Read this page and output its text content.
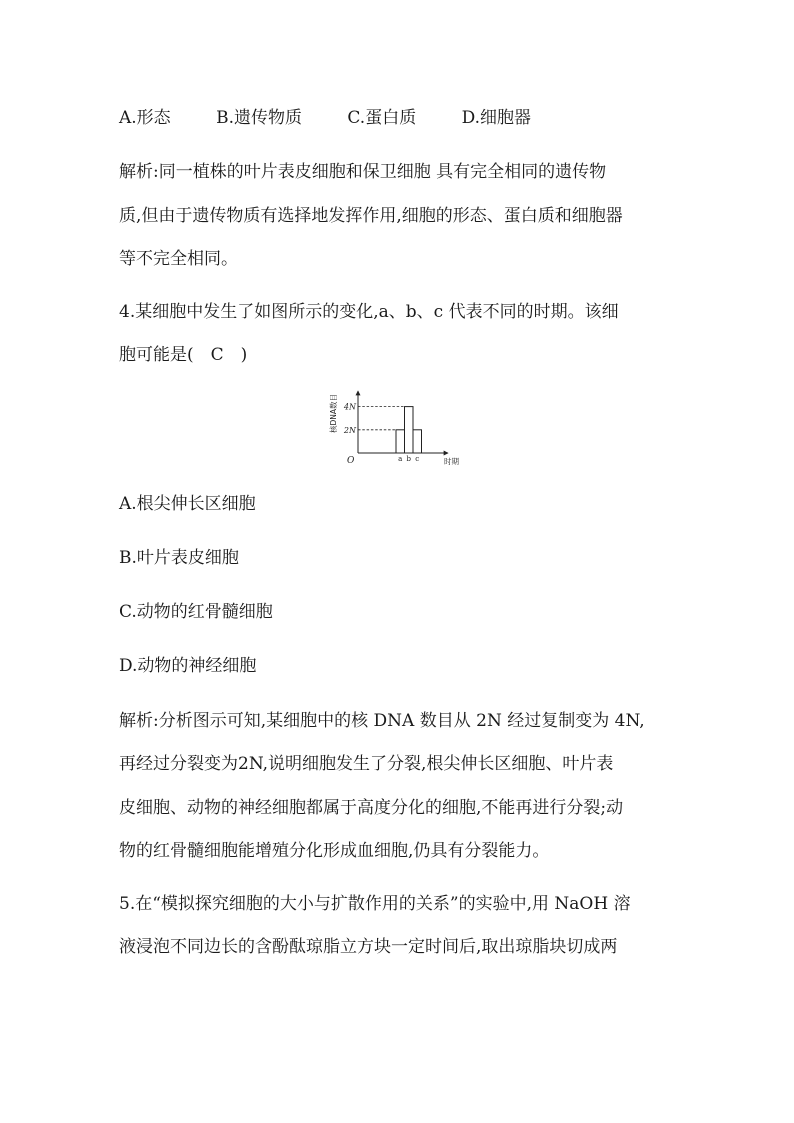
A.形态	B.遗传物质	C.蛋白质	D.细胞器
解析:同一植株的叶片表皮细胞和保卫细胞 具有完全相同的遗传物
质,但由于遗传物质有选择地发挥作用,细胞的形态、蛋白质和细胞器
等不完全相同。
4.某细胞中发生了如图所示的变化,a、b、c 代表不同的时期。该细
胞可能是(　C　)
2N
4N
a b c
核DNA数目
时期
O
A.根尖伸长区细胞
B.叶片表皮细胞
C.动物的红骨髓细胞
D.动物的神经细胞
解析:分析图示可知,某细胞中的核 DNA 数目从 2N 经过复制变为 4N,
再经过分裂变为2N,说明细胞发生了分裂,根尖伸长区细胞、叶片表
皮细胞、动物的神经细胞都属于高度分化的细胞,不能再进行分裂;动
物的红骨髓细胞能增殖分化形成血细胞,仍具有分裂能力。
5.在“模拟探究细胞的大小与扩散作用的关系”的实验中,用 NaOH 溶
液浸泡不同边长的含酚酞琼脂立方块一定时间后,取出琼脂块切成两
